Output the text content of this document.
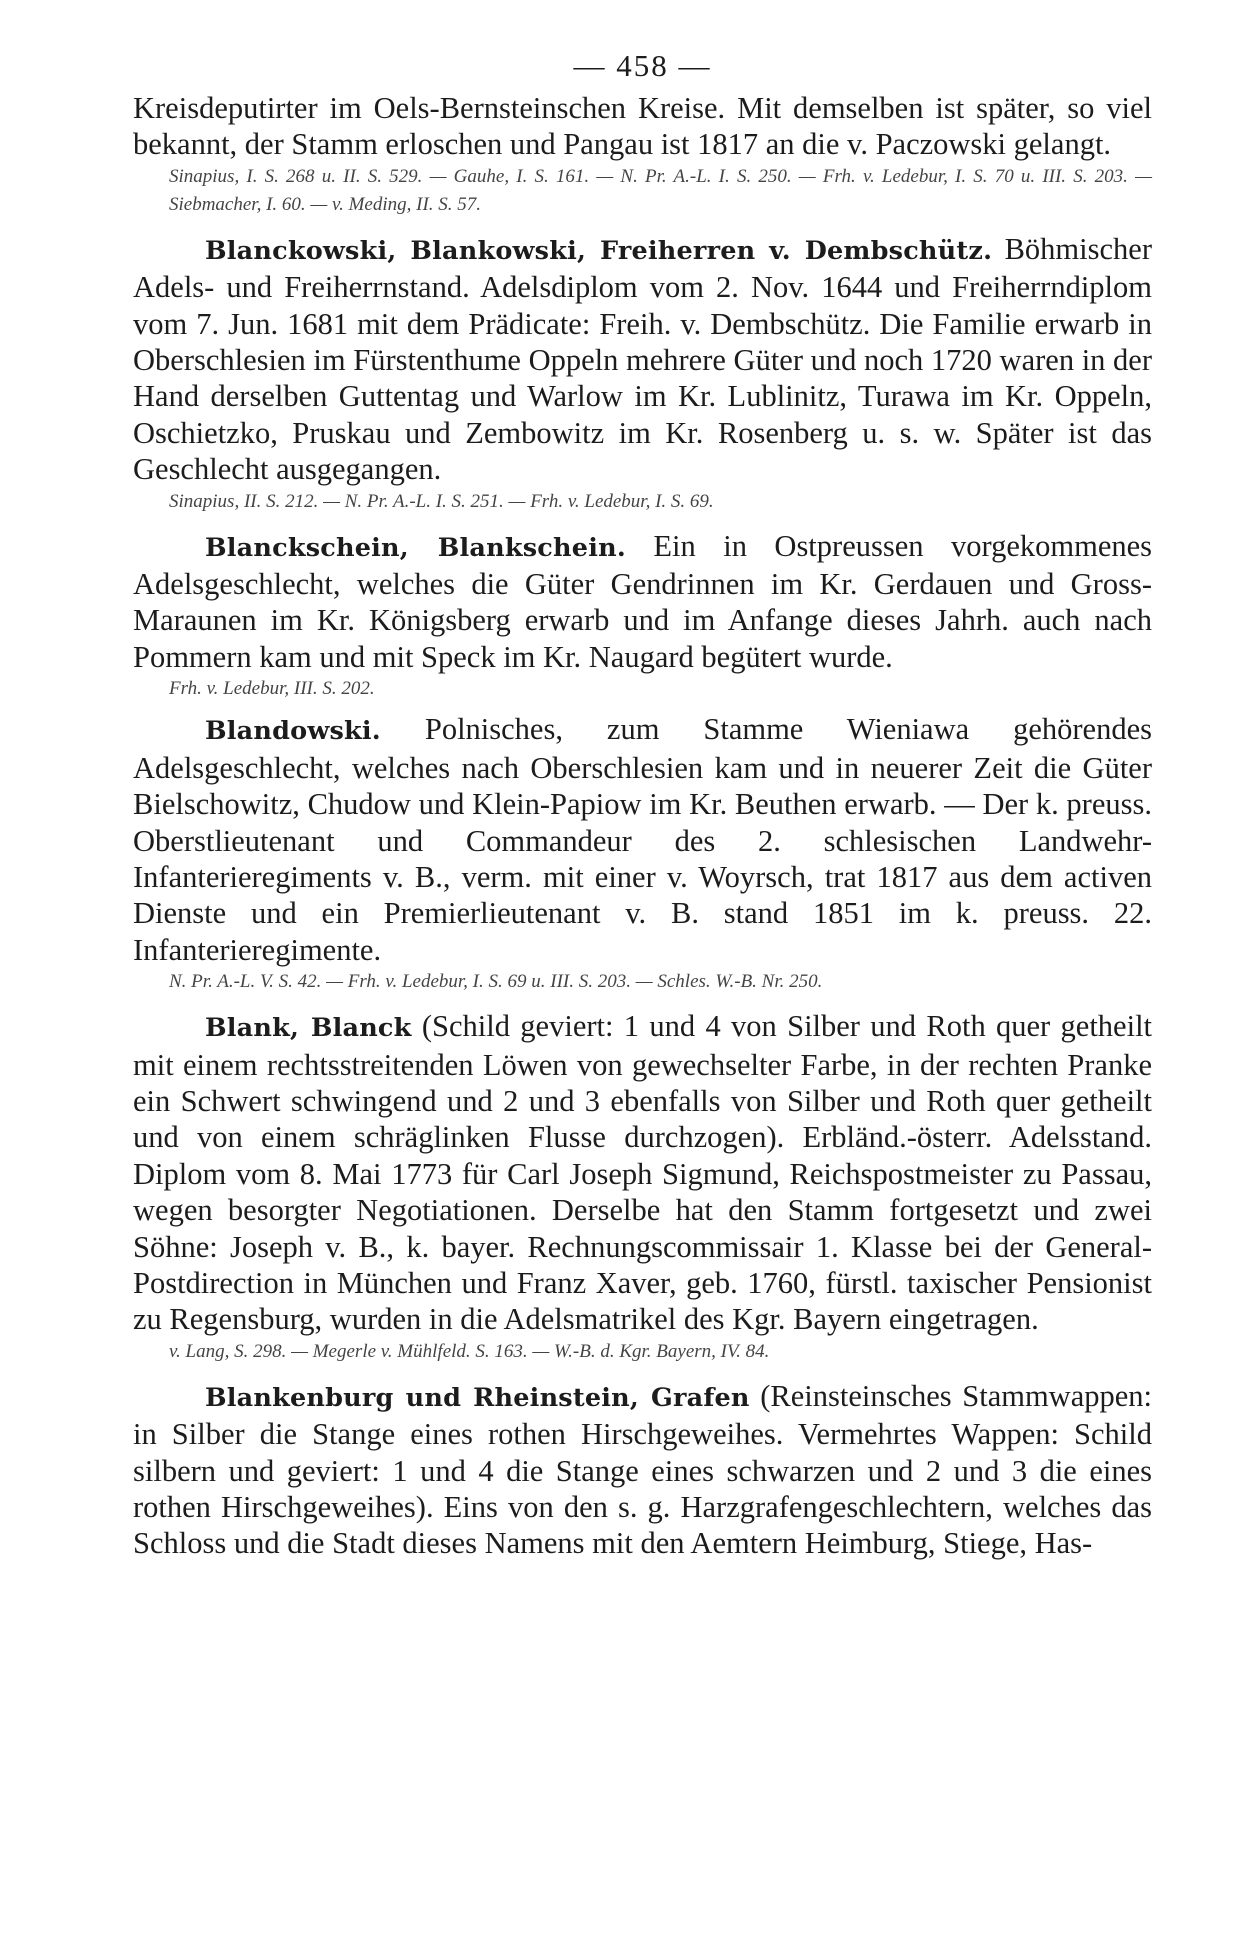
— 458 —

Kreisdeputirter im Oels-Bernsteinschen Kreise. Mit demselben ist später, so viel bekannt, der Stamm erloschen und Pangau ist 1817 an die v. Paczowski gelangt.

Sinapius, I. S. 268 u. II. S. 529. — Gauhe, I. S. 161. — N. Pr. A.-L. I. S. 250. — Frh. v. Ledebur, I. S. 70 u. III. S. 203. — Siebmacher, I. 60. — v. Meding, II. S. 57.

Blanckowski, Blankowski, Freiherren v. Dembschütz. Böhmischer Adels- und Freiherrnstand. Adelsdiplom vom 2. Nov. 1644 und Freiherrndiplom vom 7. Jun. 1681 mit dem Prädicate: Freih. v. Dembschütz. Die Familie erwarb in Oberschlesien im Fürstenthume Oppeln mehrere Güter und noch 1720 waren in der Hand derselben Guttentag und Warlow im Kr. Lublinitz, Turawa im Kr. Oppeln, Oschietzko, Pruskau und Zembowitz im Kr. Rosenberg u. s. w. Später ist das Geschlecht ausgegangen.

Sinapius, II. S. 212. — N. Pr. A.-L. I. S. 251. — Frh. v. Ledebur, I. S. 69.

Blanckschein, Blankschein. Ein in Ostpreussen vorgekommenes Adelsgeschlecht, welches die Güter Gendrinnen im Kr. Gerdauen und Gross-Maraunen im Kr. Königsberg erwarb und im Anfange dieses Jahrh. auch nach Pommern kam und mit Speck im Kr. Naugard begütert wurde.

Frh. v. Ledebur, III. S. 202.

Blandowski. Polnisches, zum Stamme Wieniawa gehörendes Adelsgeschlecht, welches nach Oberschlesien kam und in neuerer Zeit die Güter Bielschowitz, Chudow und Klein-Papiow im Kr. Beuthen erwarb. — Der k. preuss. Oberstlieutenant und Commandeur des 2. schlesischen Landwehr-Infanterieregiments v. B., verm. mit einer v. Woyrsch, trat 1817 aus dem activen Dienste und ein Premierlieutenant v. B. stand 1851 im k. preuss. 22. Infanterieregimente.

N. Pr. A.-L. V. S. 42. — Frh. v. Ledebur, I. S. 69 u. III. S. 203. — Schles. W.-B. Nr. 250.

Blank, Blanck (Schild geviert: 1 und 4 von Silber und Roth quer getheilt mit einem rechtsstreitenden Löwen von gewechselter Farbe, in der rechten Pranke ein Schwert schwingend und 2 und 3 ebenfalls von Silber und Roth quer getheilt und von einem schräglinken Flusse durchzogen). Erbländ.-österr. Adelsstand. Diplom vom 8. Mai 1773 für Carl Joseph Sigmund, Reichspostmeister zu Passau, wegen besorgter Negotiationen. Derselbe hat den Stamm fortgesetzt und zwei Söhne: Joseph v. B., k. bayer. Rechnungscommissair 1. Klasse bei der General-Postdirection in München und Franz Xaver, geb. 1760, fürstl. taxischer Pensionist zu Regensburg, wurden in die Adelsmatrikel des Kgr. Bayern eingetragen.

v. Lang, S. 298. — Megerle v. Mühlfeld. S. 163. — W.-B. d. Kgr. Bayern, IV. 84.

Blankenburg und Rheinstein, Grafen (Reinsteinsches Stammwappen: in Silber die Stange eines rothen Hirschgeweihes. Vermehrtes Wappen: Schild silbern und geviert: 1 und 4 die Stange eines schwarzen und 2 und 3 die eines rothen Hirschgeweihes). Eins von den s. g. Harzgrafengeschlechtern, welches das Schloss und die Stadt dieses Namens mit den Aemtern Heimburg, Stiege, Has-
